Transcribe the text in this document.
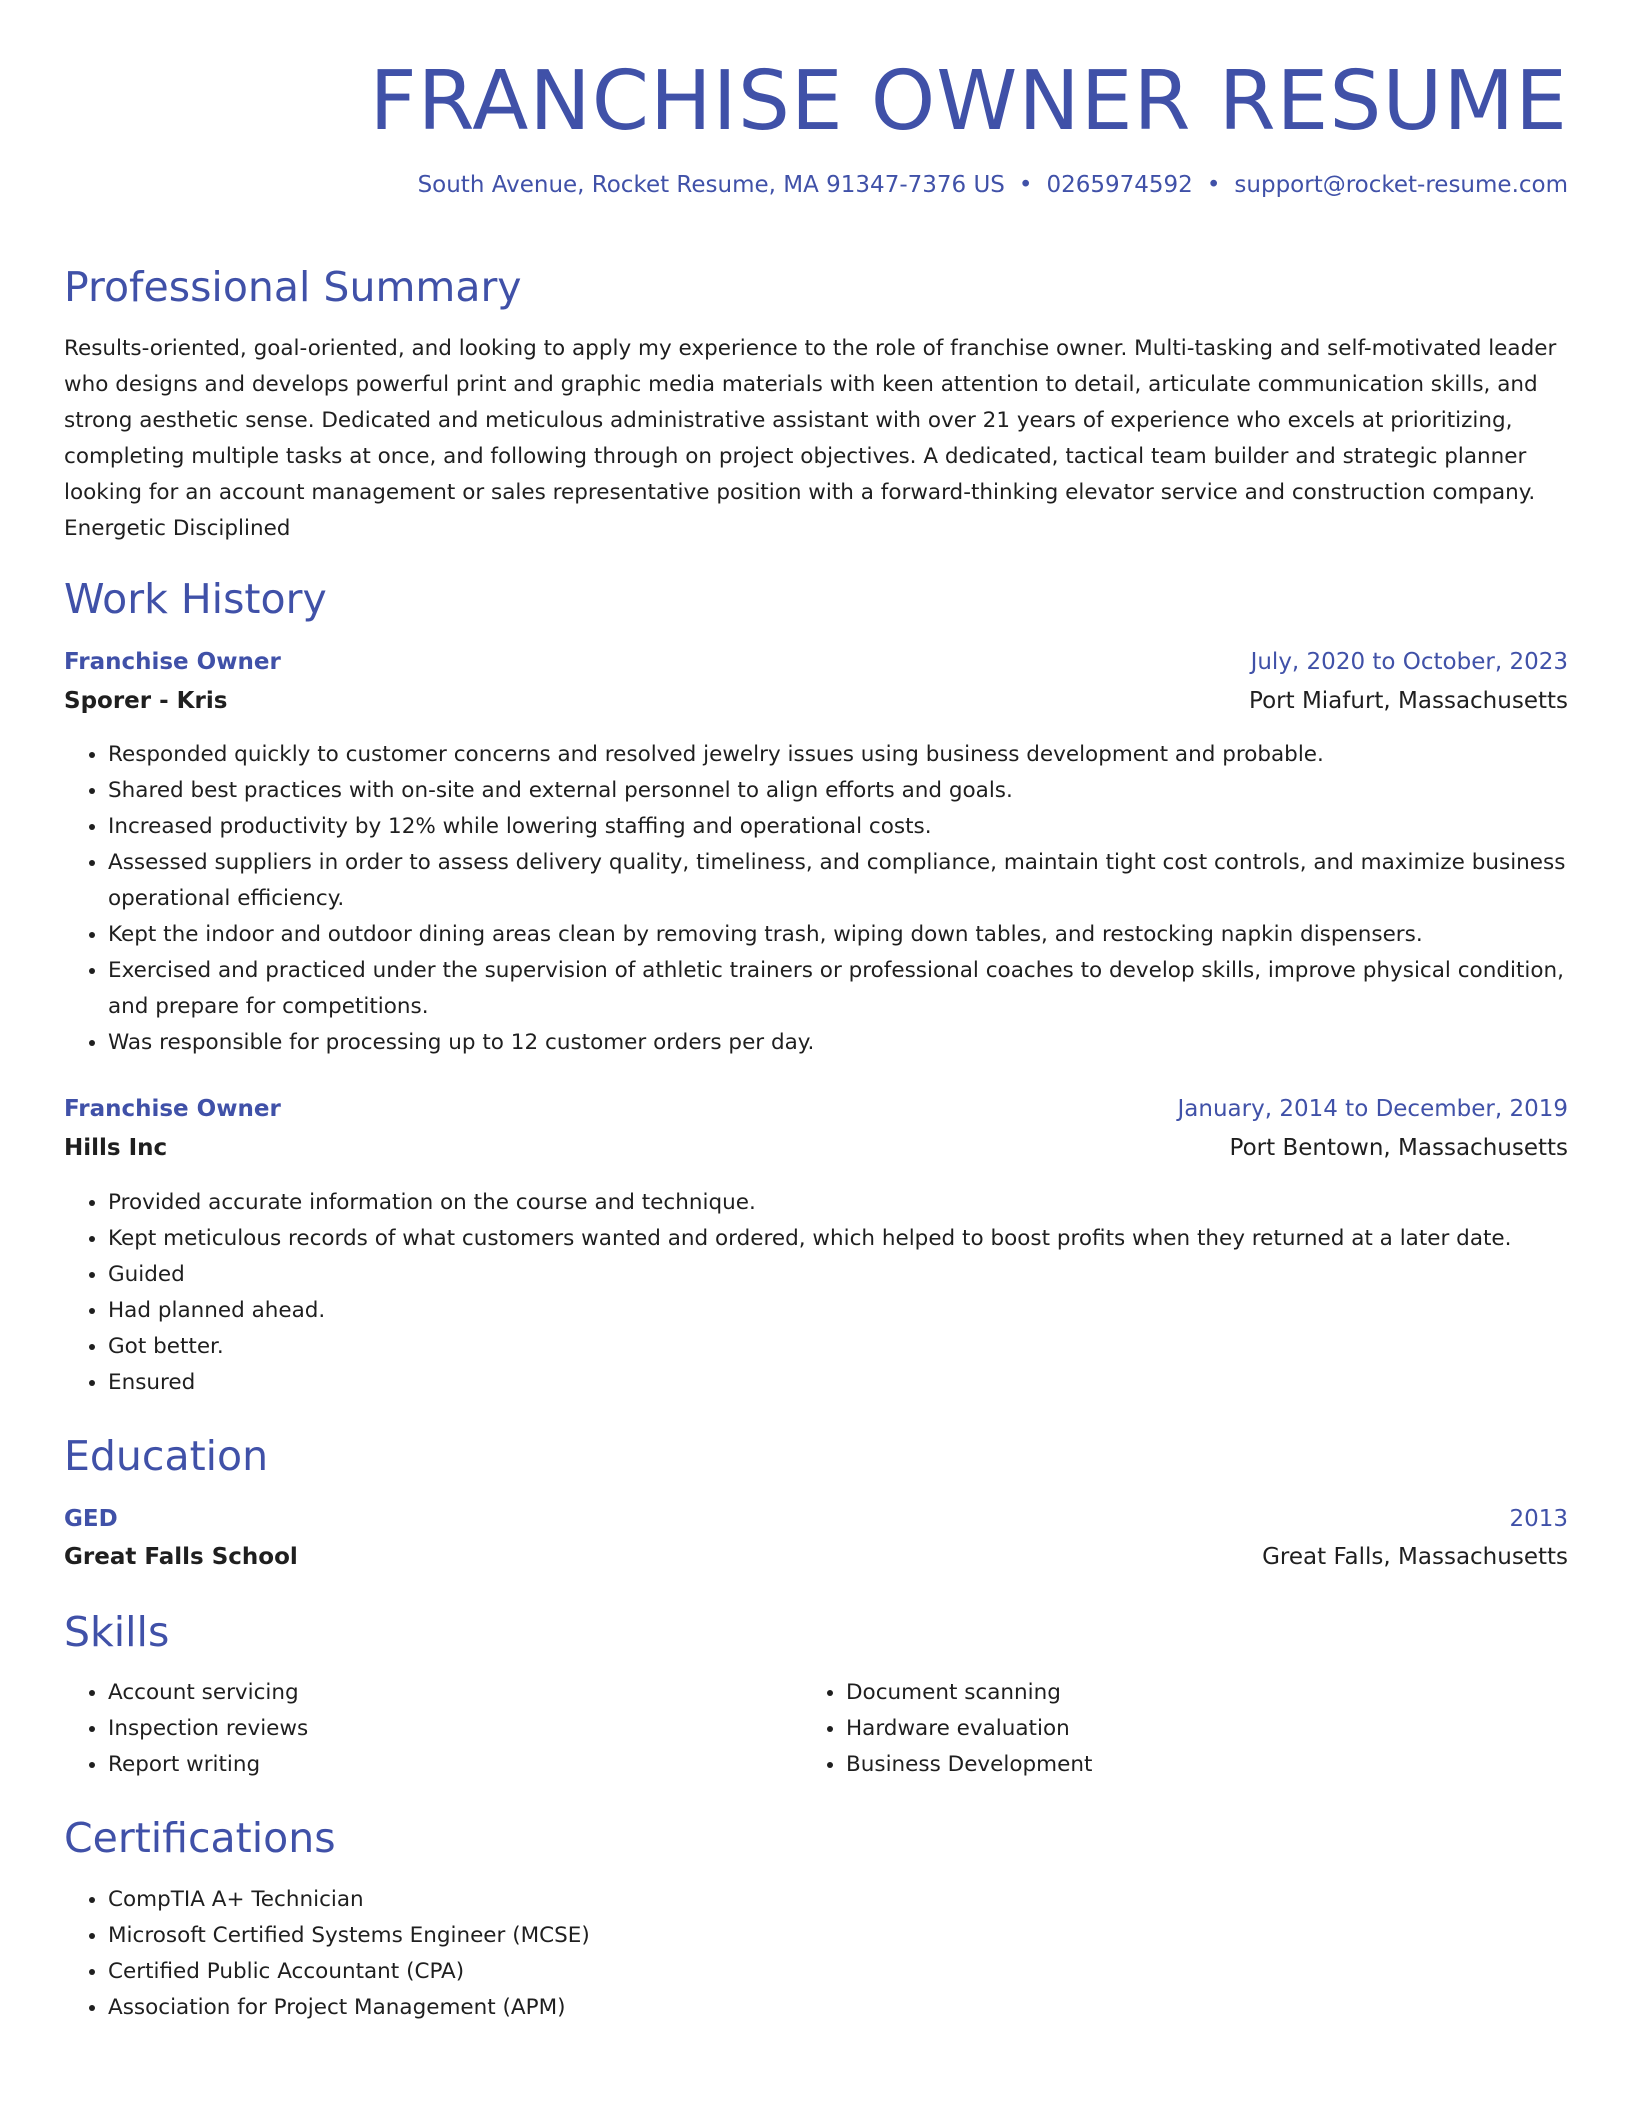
FRANCHISE OWNER RESUME

South Avenue, Rocket Resume, MA 91347-7376 US • 0265974592 • support@rocket-resume.com

Professional Summary

Results-oriented, goal-oriented, and looking to apply my experience to the role of franchise owner. Multi-tasking and self-motivated leader who designs and develops powerful print and graphic media materials with keen attention to detail, articulate communication skills, and strong aesthetic sense. Dedicated and meticulous administrative assistant with over 21 years of experience who excels at prioritizing, completing multiple tasks at once, and following through on project objectives. A dedicated, tactical team builder and strategic planner looking for an account management or sales representative position with a forward-thinking elevator service and construction company. Energetic Disciplined

Work History
Franchise Owner	July, 2020 to October, 2023
Sporer - Kris	Port Miafurt, Massachusetts
• Responded quickly to customer concerns and resolved jewelry issues using business development and probable.
• Shared best practices with on-site and external personnel to align efforts and goals.
• Increased productivity by 12% while lowering staffing and operational costs.
• Assessed suppliers in order to assess delivery quality, timeliness, and compliance, maintain tight cost controls, and maximize business operational efficiency.
• Kept the indoor and outdoor dining areas clean by removing trash, wiping down tables, and restocking napkin dispensers.
• Exercised and practiced under the supervision of athletic trainers or professional coaches to develop skills, improve physical condition, and prepare for competitions.
• Was responsible for processing up to 12 customer orders per day.
Franchise Owner	January, 2014 to December, 2019
Hills Inc	Port Bentown, Massachusetts
• Provided accurate information on the course and technique.
• Kept meticulous records of what customers wanted and ordered, which helped to boost profits when they returned at a later date.
• Guided
• Had planned ahead.
• Got better.
• Ensured
Education
GED	2013
Great Falls School	Great Falls, Massachusetts
Skills
• Account servicing
• Inspection reviews
• Report writing
• Document scanning
• Hardware evaluation
• Business Development
Certifications
• CompTIA A+ Technician
• Microsoft Certified Systems Engineer (MCSE)
• Certified Public Accountant (CPA)
• Association for Project Management (APM)
